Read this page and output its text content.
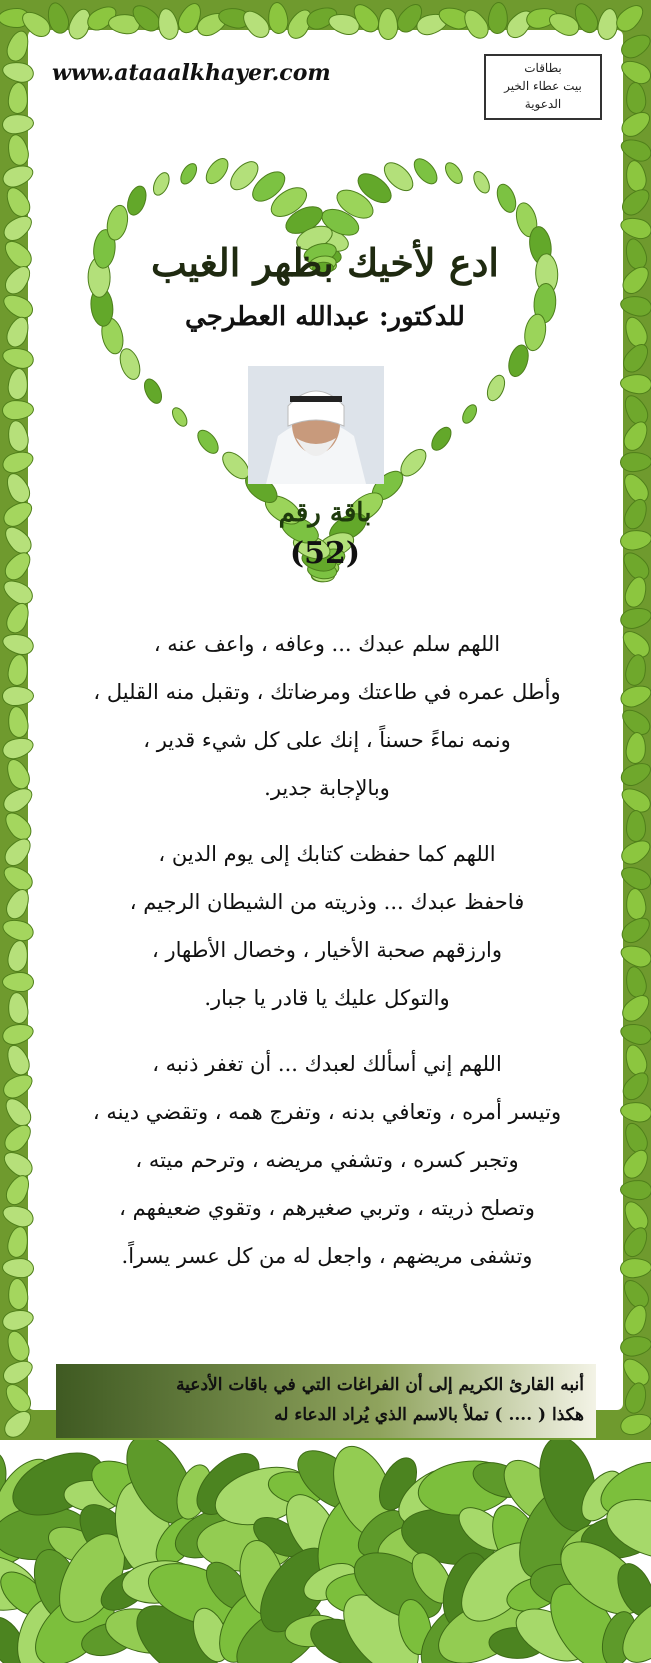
www.ataaalkhayer.com	بطاقات
بيت عطاء الخير
الدعوية
ادع لأخيك بظهر الغيب
للدكتور: عبدالله العطرجي
باقة رقم
(52)

اللهم سلم عبدك ... وعافه ، واعف عنه ،

وأطل عمره في طاعتك ومرضاتك ، وتقبل منه القليل ،

ونمه نماءً حسناً ، إنك على كل شيء قدير ،

وبالإجابة جدير.

اللهم كما حفظت كتابك إلى يوم الدين ،

فاحفظ عبدك ... وذريته من الشيطان الرجيم ،

وارزقهم صحبة الأخيار ، وخصال الأطهار ،

والتوكل عليك يا قادر يا جبار.

اللهم إني أسألك لعبدك ... أن تغفر ذنبه ،

وتيسر أمره ، وتعافي بدنه ، وتفرج همه ، وتقضي دينه ،

وتجبر كسره ، وتشفي مريضه ، وترحم ميته ،

وتصلح ذريته ، وتربي صغيرهم ، وتقوي ضعيفهم ،

وتشفى مريضهم ، واجعل له من كل عسر يسراً.

أنبه القارئ الكريم إلى أن الفراغات التي في باقات الأدعية
هكذا ( .... ) تملأ بالاسم الذي يُراد الدعاء له
